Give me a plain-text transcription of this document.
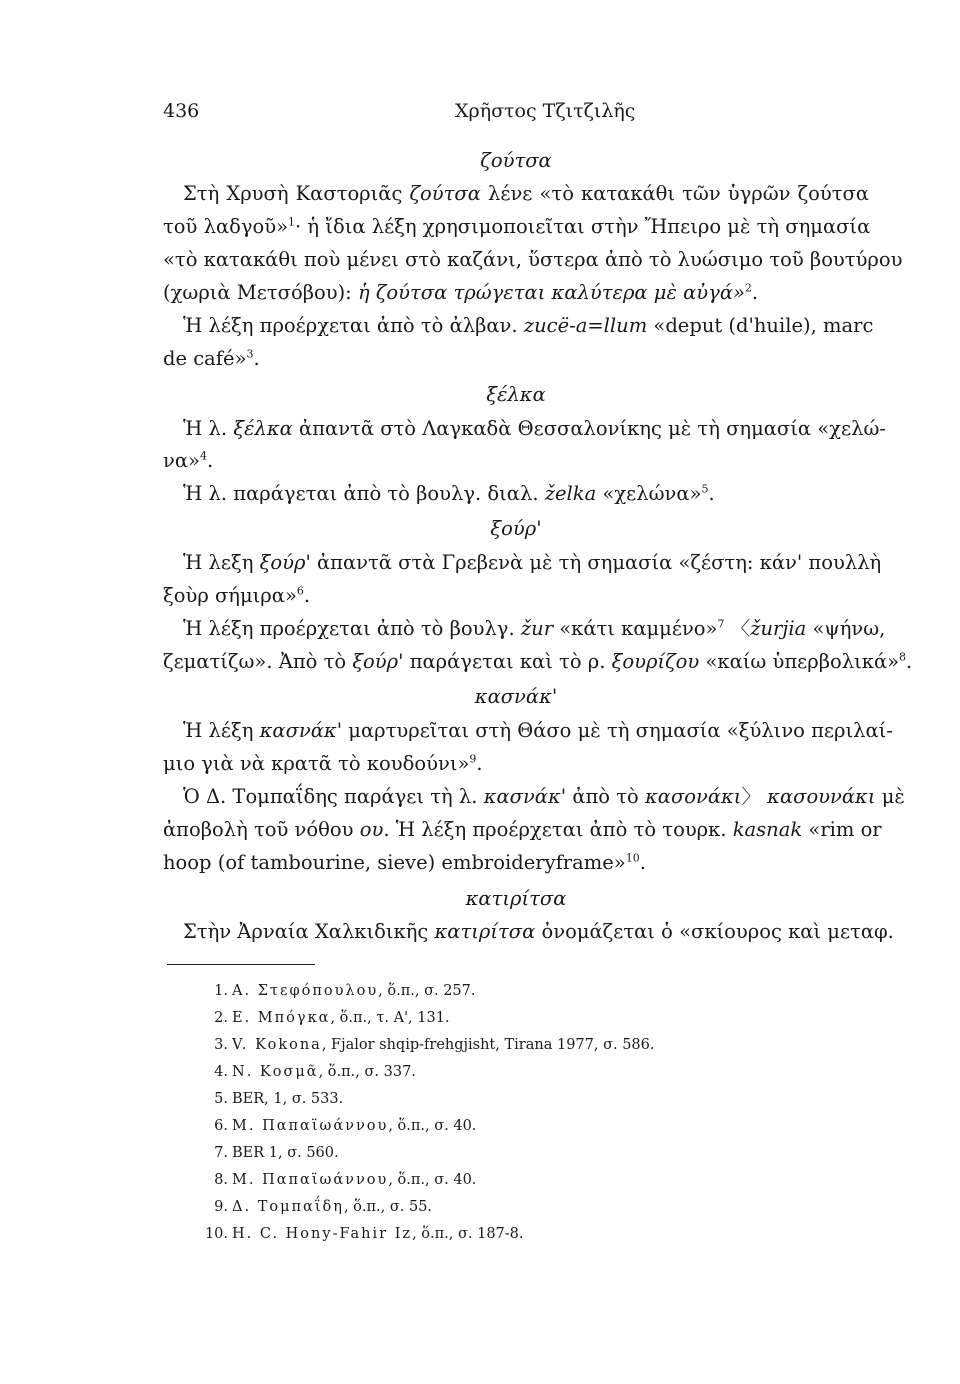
436	Χρῆστος Τζιτζιλῆς
ζούτσα
Στὴ Χρυσὴ Καστοριᾶς ζούτσα λένε «τὸ κατακάθι τῶν ὑγρῶν ζούτσα
τοῦ λαδγοῦ»$^1$· ἡ ἴδια λέξη χρησιμοποιεῖται στὴν Ἤπειρο μὲ τὴ σημασία
«τὸ κατακάθι ποὺ μένει στὸ καζάνι, ὕστερα ἀπὸ τὸ λυώσιμο τοῦ βουτύρου
(χωριὰ Μετσόβου): ἡ ζούτσα τρώγεται καλύτερα μὲ αὐγά»$^2$.
Ἡ λέξη προέρχεται ἀπὸ τὸ ἀλβαν. zucë-a=llum «deput (d'huile), marc
de café»$^3$.
ξέλκα
Ἡ λ. ξέλκα ἀπαντᾶ στὸ Λαγκαδὰ Θεσσαλονίκης μὲ τὴ σημασία «χελώ-
να»$^4$.
Ἡ λ. παράγεται ἀπὸ τὸ βουλγ. διαλ. želka «χελώνα»$^5$.
ξούρ'
Ἡ λεξη ξούρ' ἀπαντᾶ στὰ Γρεβενὰ μὲ τὴ σημασία «ζέστη: κάν' πουλλὴ
ξοὺρ σήμιρα»$^6$.
Ἡ λέξη προέρχεται ἀπὸ τὸ βουλγ. žur «κάτι καμμένο»$^7$ 〈žurjia «ψήνω,
ζεματίζω». Ἀπὸ τὸ ξούρ' παράγεται καὶ τὸ ρ. ξουρίζου «καίω ὑπερβολικά»$^8$.
κασνάκ'
Ἡ λέξη κασνάκ' μαρτυρεῖται στὴ Θάσο μὲ τὴ σημασία «ξύλινο περιλαί-
μιο γιὰ νὰ κρατᾶ τὸ κουδούνι»$^9$.
Ὁ Δ. Τομπαΐδης παράγει τὴ λ. κασνάκ' ἀπὸ τὸ κασονάκι〉 κασουνάκι μὲ
ἀποβολὴ τοῦ νόθου ου. Ἡ λέξη προέρχεται ἀπὸ τὸ τουρκ. kasnak «rim or
hoop (of tambourine, sieve) embroideryframe»$^{10}$.
κατιρίτσα
Στὴν Ἀρναία Χαλκιδικῆς κατιρίτσα ὀνομάζεται ὁ «σκίουρος καὶ μεταφ.
1. Α. Στεφόπουλου, ὅ.π., σ. 257.
2. Ε. Μπόγκα, ὅ.π., τ. Α', 131.
3. V. Kokona, Fjalor shqip-frehgjisht, Tirana 1977, σ. 586.
4. Ν. Κοσμᾶ, ὅ.π., σ. 337.
5. BER, 1, σ. 533.
6. Μ. Παπαϊωάννου, ὅ.π., σ. 40.
7. BER 1, σ. 560.
8. Μ. Παπαϊωάννου, ὅ.π., σ. 40.
9. Δ. Τομπαΐδη, ὅ.π., σ. 55.
10. H. C. Hony-Fahir Iz, ὅ.π., σ. 187-8.
